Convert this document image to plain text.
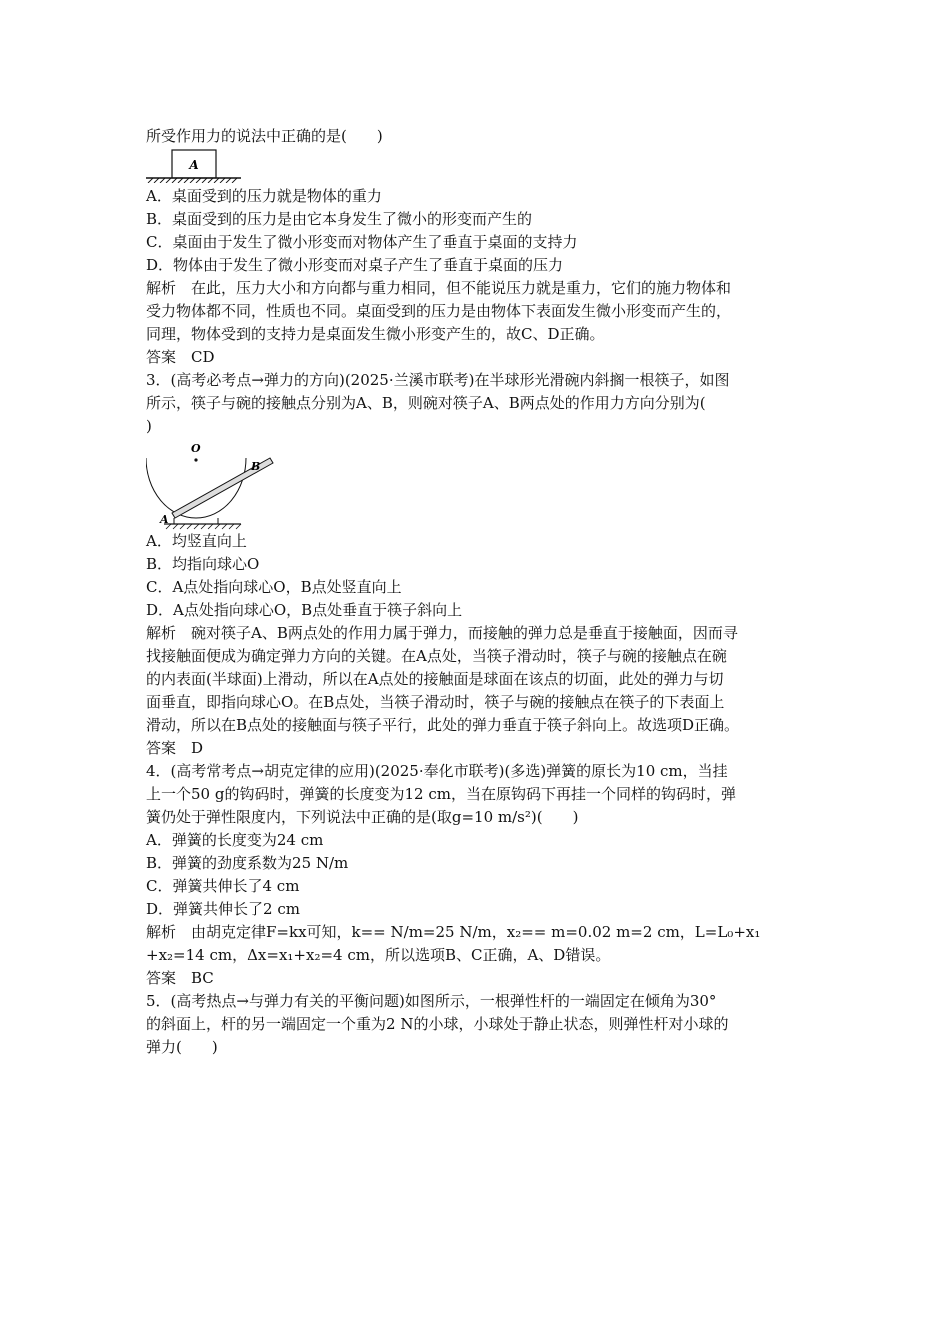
所受作用力的说法中正确的是(　　)
A
A．桌面受到的压力就是物体的重力
B．桌面受到的压力是由它本身发生了微小的形变而产生的
C．桌面由于发生了微小形变而对物体产生了垂直于桌面的支持力
D．物体由于发生了微小形变而对桌子产生了垂直于桌面的压力
解析　在此，压力大小和方向都与重力相同，但不能说压力就是重力，它们的施力物体和
受力物体都不同，性质也不同。桌面受到的压力是由物体下表面发生微小形变而产生的，
同理，物体受到的支持力是桌面发生微小形变产生的，故C、D正确。
答案　CD
3．(高考必考点→弹力的方向)(2025·兰溪市联考)在半球形光滑碗内斜搁一根筷子，如图
所示，筷子与碗的接触点分别为A、B，则碗对筷子A、B两点处的作用力方向分别为(
)
O
B
A
A．均竖直向上
B．均指向球心O
C．A点处指向球心O，B点处竖直向上
D．A点处指向球心O，B点处垂直于筷子斜向上
解析　碗对筷子A、B两点处的作用力属于弹力，而接触的弹力总是垂直于接触面，因而寻
找接触面便成为确定弹力方向的关键。在A点处，当筷子滑动时，筷子与碗的接触点在碗
的内表面(半球面)上滑动，所以在A点处的接触面是球面在该点的切面，此处的弹力与切
面垂直，即指向球心O。在B点处，当筷子滑动时，筷子与碗的接触点在筷子的下表面上
滑动，所以在B点处的接触面与筷子平行，此处的弹力垂直于筷子斜向上。故选项D正确。
答案　D
4．(高考常考点→胡克定律的应用)(2025·奉化市联考)(多选)弹簧的原长为10 cm，当挂
上一个50 g的钩码时，弹簧的长度变为12 cm，当在原钩码下再挂一个同样的钩码时，弹
簧仍处于弹性限度内，下列说法中正确的是(取g=10 m/s²)(　　)
A．弹簧的长度变为24 cm
B．弹簧的劲度系数为25 N/m
C．弹簧共伸长了4 cm
D．弹簧共伸长了2 cm
解析　由胡克定律F=kx可知，k== N/m=25 N/m，x₂== m=0.02 m=2 cm，L=L₀+x₁
+x₂=14 cm，Δx=x₁+x₂=4 cm，所以选项B、C正确，A、D错误。
答案　BC
5．(高考热点→与弹力有关的平衡问题)如图所示，一根弹性杆的一端固定在倾角为30°
的斜面上，杆的另一端固定一个重为2 N的小球，小球处于静止状态，则弹性杆对小球的
弹力(　　)
